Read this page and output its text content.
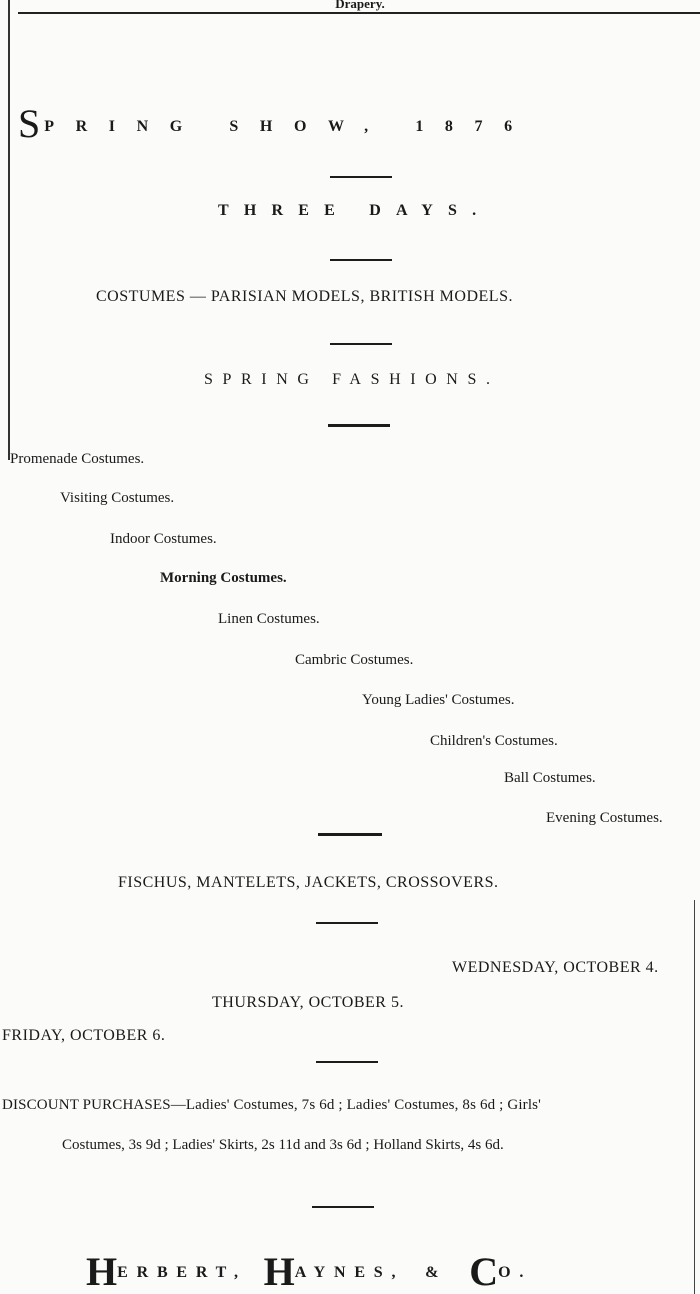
Drapery.
S PRING SHOW, 1876
THREE DAYS.
COSTUMES — PARISIAN MODELS, BRITISH MODELS.
SPRING FASHIONS.
Promenade Costumes.
Visiting Costumes.
Indoor Costumes.
Morning Costumes.
Linen Costumes.
Cambric Costumes.
Young Ladies' Costumes.
Children's Costumes.
Ball Costumes.
Evening Costumes.
FISCHUS, MANTELETS, JACKETS, CROSSOVERS.
WEDNESDAY, OCTOBER 4.
THURSDAY, OCTOBER 5.
FRIDAY, OCTOBER 6.
DISCOUNT PURCHASES—Ladies' Costumes, 7s 6d ; Ladies' Costumes, 8s 6d ; Girls'
Costumes, 3s 9d ; Ladies' Skirts, 2s 11d and 3s 6d ; Holland Skirts, 4s 6d.
HERBERT, HAYNES, & CO.
